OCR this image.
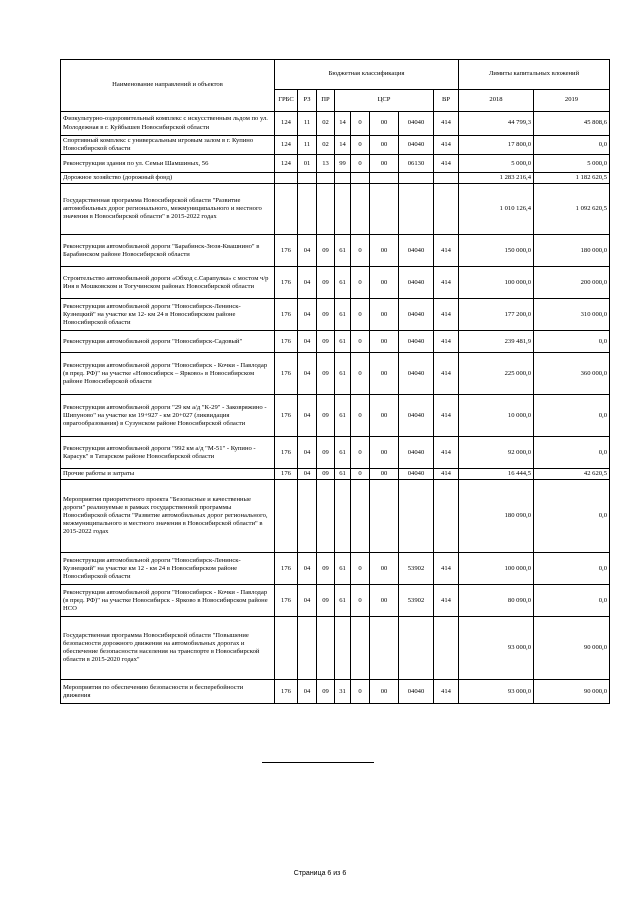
Наименование направлений и объектов	Бюджетная классификация								Лимиты капитальных вложений	
	ГРБС	РЗ	ПР	ЦСР				ВР	2018	2019
Физкультурно-оздоровительный комплекс с искусственным льдом по ул. Молодежная в г. Куйбышев Новосибирской области	124	11	02	14	0	00	04040	414	44 799,3	45 808,6
Спортивный комплекс с универсальным игровым залом в г. Купино Новосибирской области	124	11	02	14	0	00	04040	414	17 800,0	0,0
Реконструкция здания по ул. Семьи Шамшиных, 56	124	01	13	99	0	00	06130	414	5 000,0	5 000,0
Дорожное хозяйство (дорожный фонд)									1 283 216,4	1 182 620,5
Государственная программа Новосибирской области "Развитие автомобильных дорог регионального, межмуниципального и местного значения в Новосибирской области" в 2015-2022 годах									1 010 126,4	1 092 620,5
Реконструкция автомобильной дороги "Барабинск-Зюзя-Квашнино" в Барабинском районе Новосибирской области	176	04	09	61	0	00	04040	414	150 000,0	180 000,0
Строительство автомобильной дороги «Обход с.Сарапулка» с мостом ч/р Иня в Мошковском и Тогучинском районах Новосибирской области	176	04	09	61	0	00	04040	414	100 000,0	200 000,0
Реконструкция автомобильной дороги "Новосибирск-Ленинск-Кузнецкий" на участке км 12- км 24 в Новосибирском районе Новосибирской области	176	04	09	61	0	00	04040	414	177 200,0	310 000,0
Реконструкция автомобильной дороги "Новосибирск-Садовый"	176	04	09	61	0	00	04040	414	239 481,9	0,0
Реконструкция автомобильной дороги "Новосибирск - Кочки - Павлодар (в пред. РФ)" на участке «Новосибирск – Ярково» в Новосибирском районе Новосибирской области	176	04	09	61	0	00	04040	414	225 000,0	360 000,0
Реконструкция автомобильной дороги "29 км а/д "К-29" - Заковряжино - Шипуново" на участке км 19+927 - км 20+027 (ликвидация оврагообразования) в Сузунском районе Новосибирской области	176	04	09	61	0	00	04040	414	10 000,0	0,0
Реконструкция автомобильной дороги "992 км а/д "М-51" - Купино - Карасук" в Татарском районе Новосибирской области	176	04	09	61	0	00	04040	414	92 000,0	0,0
Прочие работы и затраты	176	04	09	61	0	00	04040	414	16 444,5	42 620,5
Мероприятия приоритетного проекта "Безопасные и качественные дороги" реализуемые в рамках государственной программы Новосибирской области "Развитие автомобильных дорог регионального, межмуниципального и местного значения в Новосибирской области" в 2015-2022 годах									180 090,0	0,0
Реконструкция автомобильной дороги "Новосибирск-Ленинск-Кузнецкий" на участке км 12 - км 24 в Новосибирском районе Новосибирской области	176	04	09	61	0	00	53902	414	100 000,0	0,0
Реконструкция автомобильной дороги "Новосибирск - Кочки - Павлодар (в пред. РФ)" на участке Новосибирск - Ярково в Новосибирском районе НСО	176	04	09	61	0	00	53902	414	80 090,0	0,0
Государственная программа Новосибирской области "Повышение безопасности дорожного движения на автомобильных дорогах и обеспечение безопасности населения на транспорте в Новосибирской области в 2015-2020 годах"									93 000,0	90 000,0
Мероприятия по обеспечению безопасности и бесперебойности движения	176	04	09	31	0	00	04040	414	93 000,0	90 000,0
Страница 6 из 6
